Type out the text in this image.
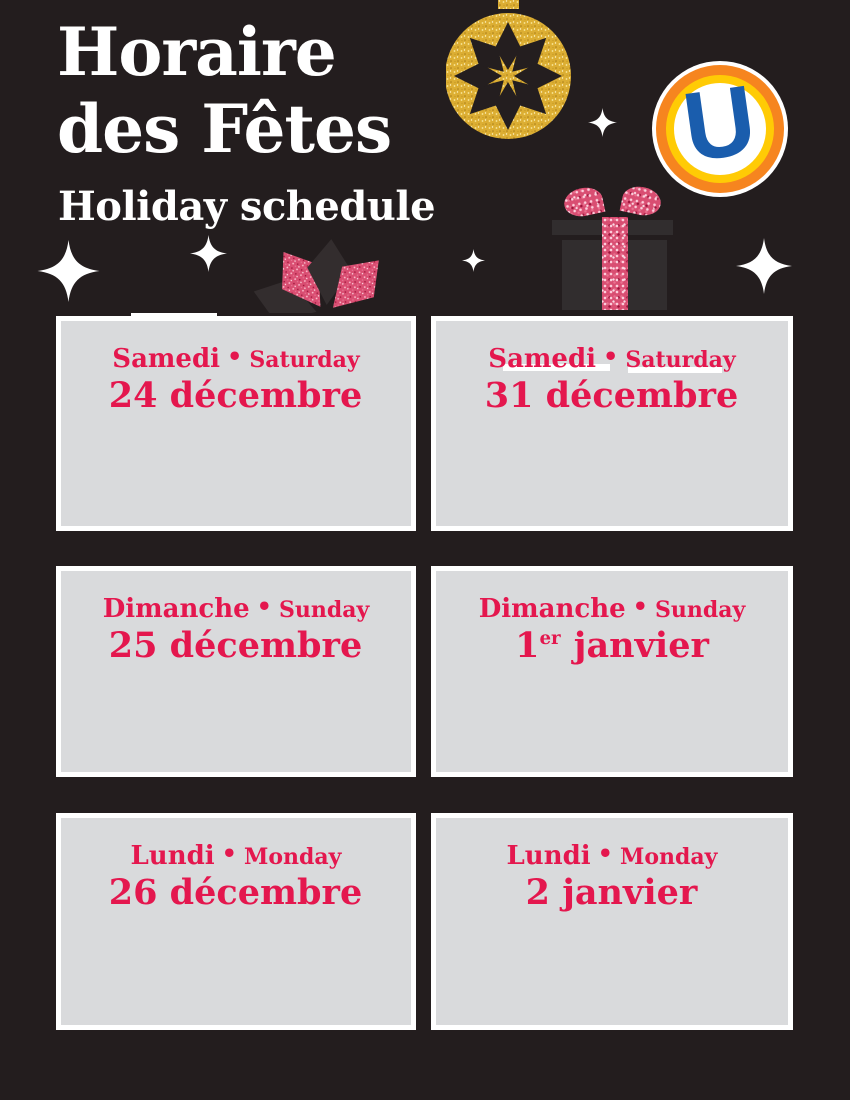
Horaire
des Fêtes
Holiday schedule
U
Samedi • Saturday
24 décembre
Samedi • Saturday
31 décembre
Dimanche • Sunday
25 décembre
Dimanche • Sunday
1er janvier
Lundi • Monday
26 décembre
Lundi • Monday
2 janvier
